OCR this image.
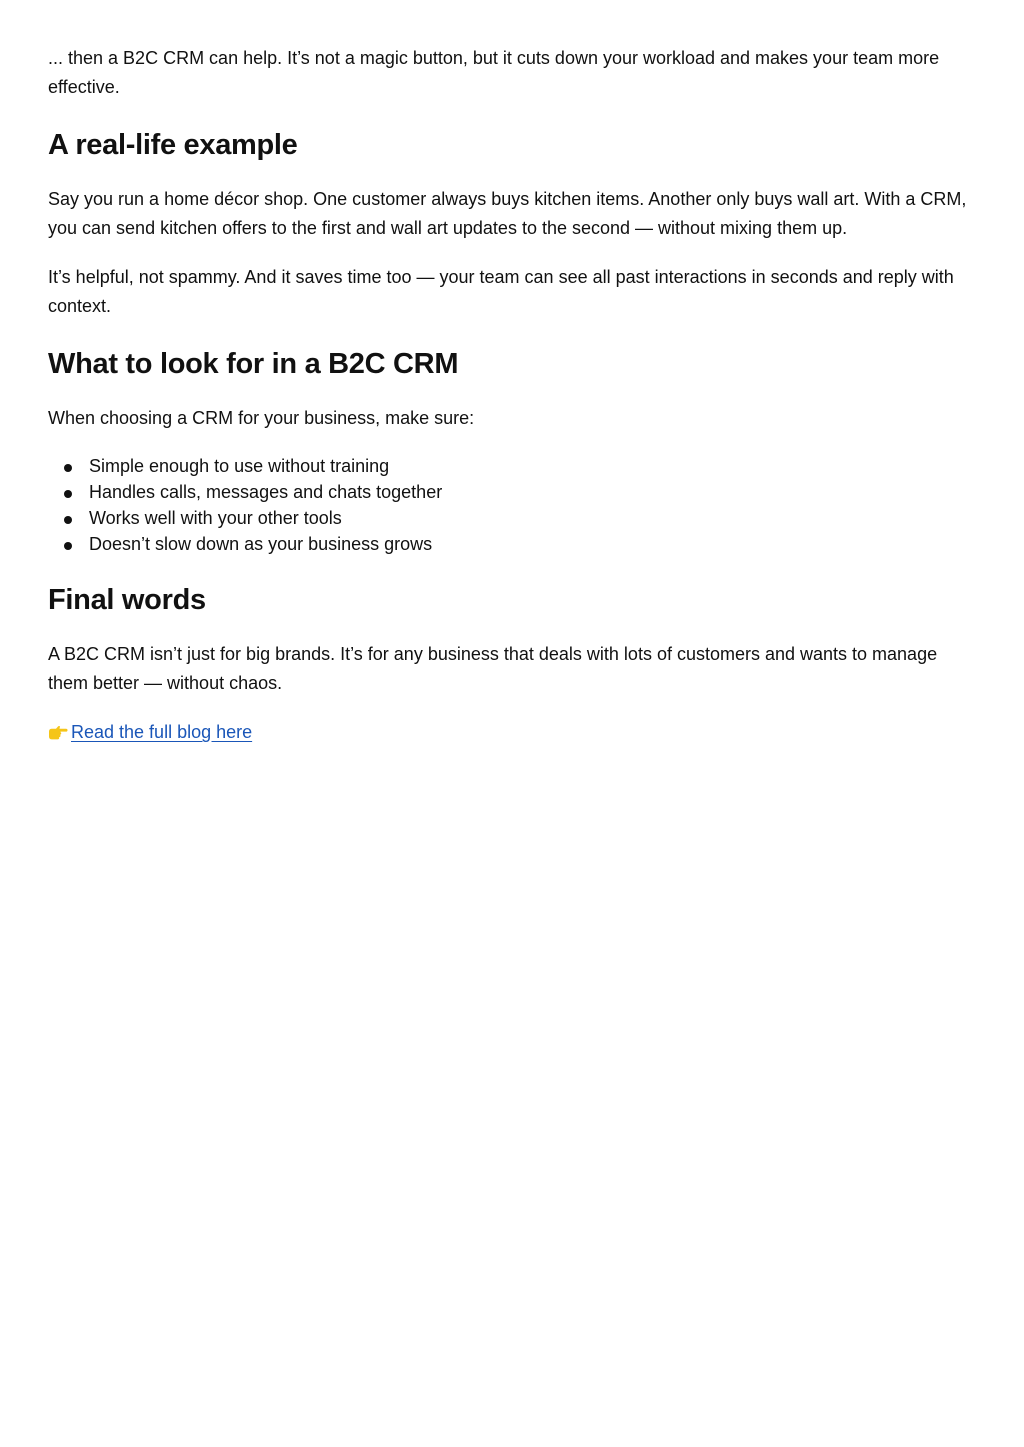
... then a B2C CRM can help. It’s not a magic button, but it cuts down your workload and makes your team more effective.

A real-life example

Say you run a home décor shop. One customer always buys kitchen items. Another only buys wall art. With a CRM, you can send kitchen offers to the first and wall art updates to the second — without mixing them up.

It’s helpful, not spammy. And it saves time too — your team can see all past interactions in seconds and reply with context.

What to look for in a B2C CRM

When choosing a CRM for your business, make sure:

Simple enough to use without training
Handles calls, messages and chats together
Works well with your other tools
Doesn’t slow down as your business grows
Final words

A B2C CRM isn’t just for big brands. It’s for any business that deals with lots of customers and wants to manage them better — without chaos.

Read the full blog here
